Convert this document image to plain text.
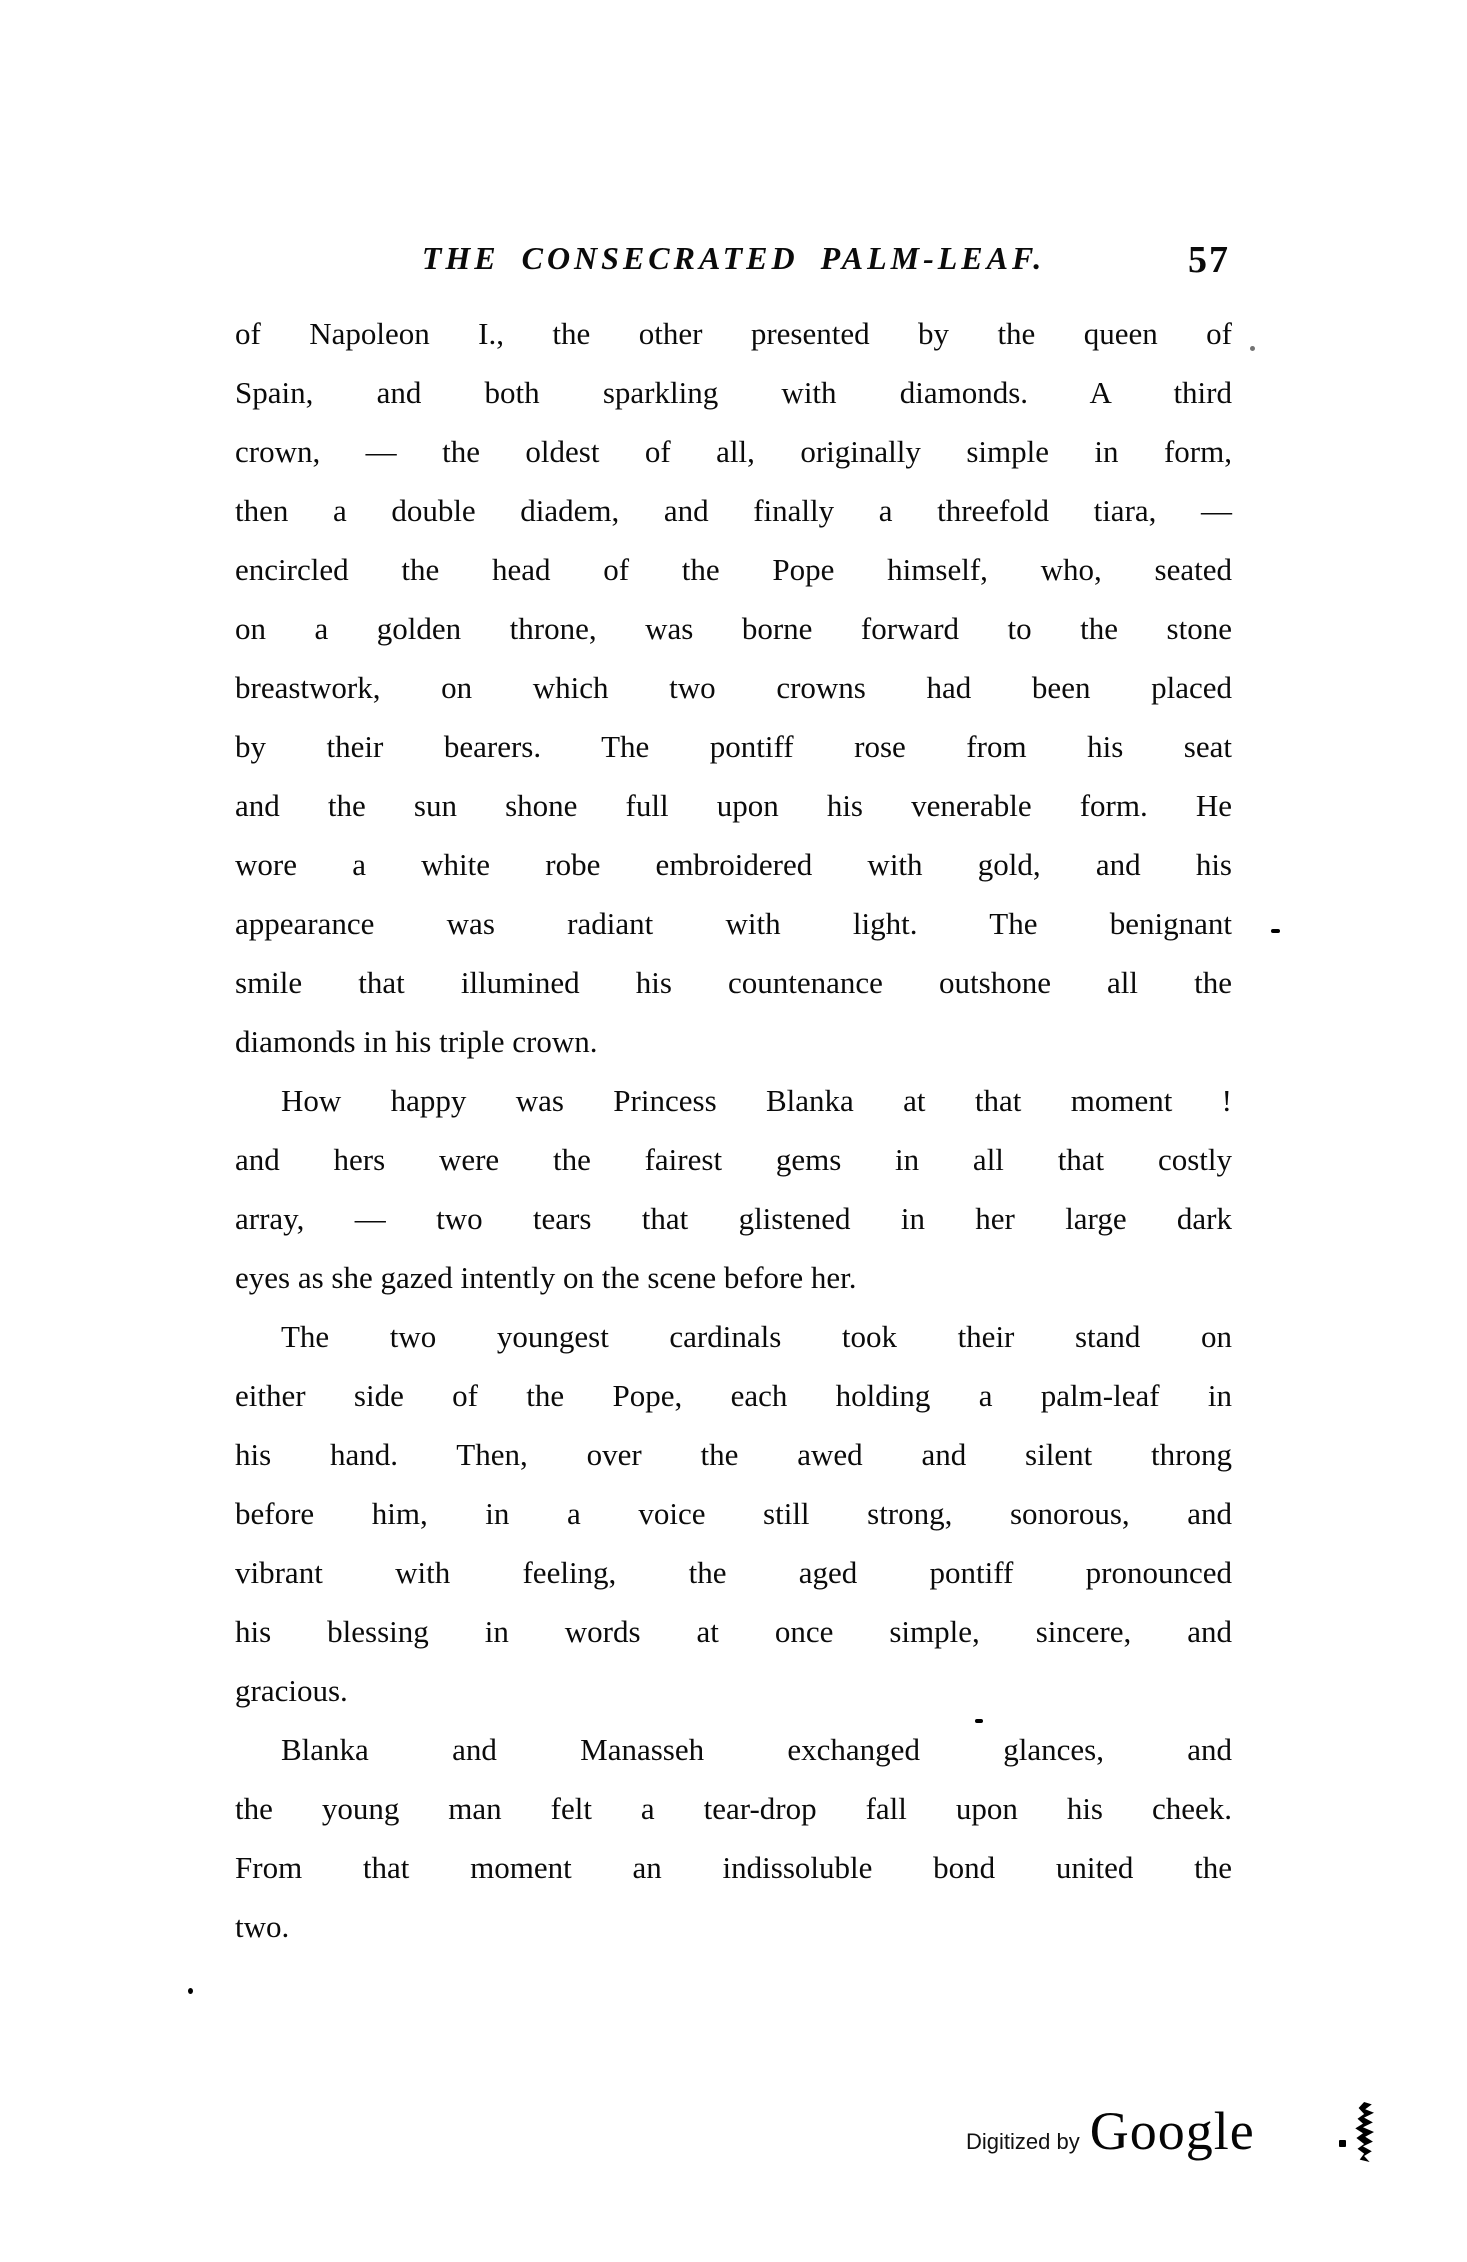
THE CONSECRATED PALM-LEAF.	57
of Napoleon I., the other presented by the queen of
Spain, and both sparkling with diamonds. A third
crown, — the oldest of all, originally simple in form,
then a double diadem, and finally a threefold tiara, —
encircled the head of the Pope himself, who, seated
on a golden throne, was borne forward to the stone
breastwork, on which two crowns had been placed
by their bearers. The pontiff rose from his seat
and the sun shone full upon his venerable form. He
wore a white robe embroidered with gold, and his
appearance was radiant with light. The benignant
smile that illumined his countenance outshone all the
diamonds in his triple crown.
How happy was Princess Blanka at that moment !
and hers were the fairest gems in all that costly
array, — two tears that glistened in her large dark
eyes as she gazed intently on the scene before her.
The two youngest cardinals took their stand on
either side of the Pope, each holding a palm-leaf in
his hand. Then, over the awed and silent throng
before him, in a voice still strong, sonorous, and
vibrant with feeling, the aged pontiff pronounced
his blessing in words at once simple, sincere, and
gracious.
Blanka and Manasseh exchanged glances, and
the young man felt a tear-drop fall upon his cheek.
From that moment an indissoluble bond united the
two.
Digitized by Google
